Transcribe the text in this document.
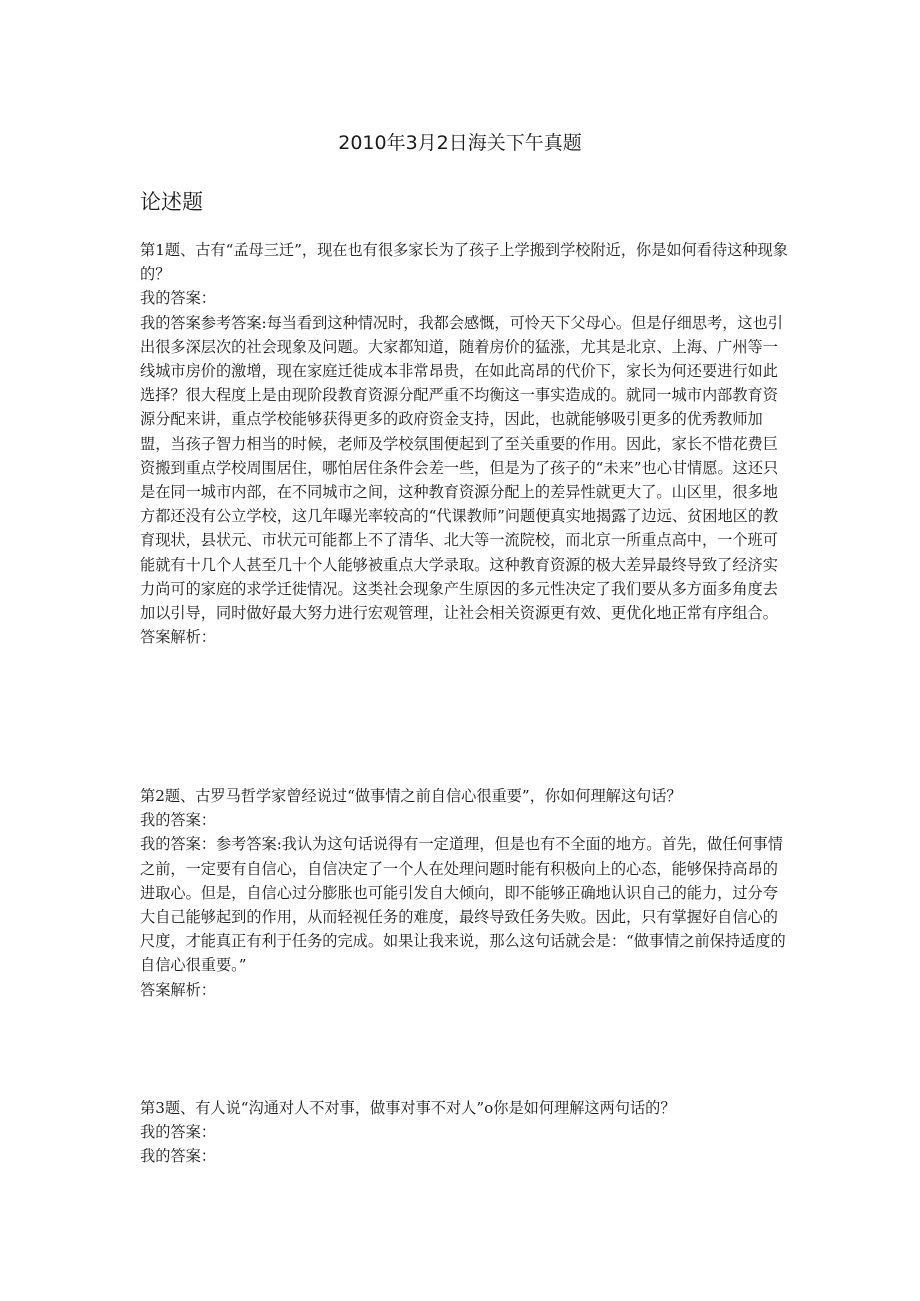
2010年3月2日海关下午真题
论述题

第1题、古有“孟母三迁”，现在也有很多家长为了孩子上学搬到学校附近，你是如何看待这种现象的？

我的答案：

我的答案参考答案:每当看到这种情况时，我都会感慨，可怜天下父母心。但是仔细思考，这也引出很多深层次的社会现象及问题。大家都知道，随着房价的猛涨，尤其是北京、上海、广州等一线城市房价的激增，现在家庭迁徙成本非常昂贵，在如此高昂的代价下，家长为何还要进行如此选择？很大程度上是由现阶段教育资源分配严重不均衡这一事实造成的。就同一城市内部教育资源分配来讲，重点学校能够获得更多的政府资金支持，因此，也就能够吸引更多的优秀教师加盟，当孩子智力相当的时候，老师及学校氛围便起到了至关重要的作用。因此，家长不惜花费巨资搬到重点学校周围居住，哪怕居住条件会差一些，但是为了孩子的“未来”也心甘情愿。这还只是在同一城市内部，在不同城市之间，这种教育资源分配上的差异性就更大了。山区里，很多地方都还没有公立学校，这几年曝光率较高的“代课教师”问题便真实地揭露了边远、贫困地区的教育现状，县状元、市状元可能都上不了清华、北大等一流院校，而北京一所重点高中，一个班可能就有十几个人甚至几十个人能够被重点大学录取。这种教育资源的极大差异最终导致了经济实力尚可的家庭的求学迁徙情况。这类社会现象产生原因的多元性决定了我们要从多方面多角度去加以引导，同时做好最大努力进行宏观管理，让社会相关资源更有效、更优化地正常有序组合。

答案解析：

第2题、古罗马哲学家曾经说过“做事情之前自信心很重要”，你如何理解这句话？

我的答案：

我的答案：参考答案:我认为这句话说得有一定道理，但是也有不全面的地方。首先，做任何事情之前，一定要有自信心，自信决定了一个人在处理问题时能有积极向上的心态，能够保持高昂的进取心。但是，自信心过分膨胀也可能引发自大倾向，即不能够正确地认识自己的能力，过分夸大自己能够起到的作用，从而轻视任务的难度，最终导致任务失败。因此，只有掌握好自信心的尺度，才能真正有利于任务的完成。如果让我来说，那么这句话就会是：“做事情之前保持适度的自信心很重要。”

答案解析：

第3题、有人说“沟通对人不对事，做事对事不对人”o你是如何理解这两句话的？

我的答案：

我的答案：
